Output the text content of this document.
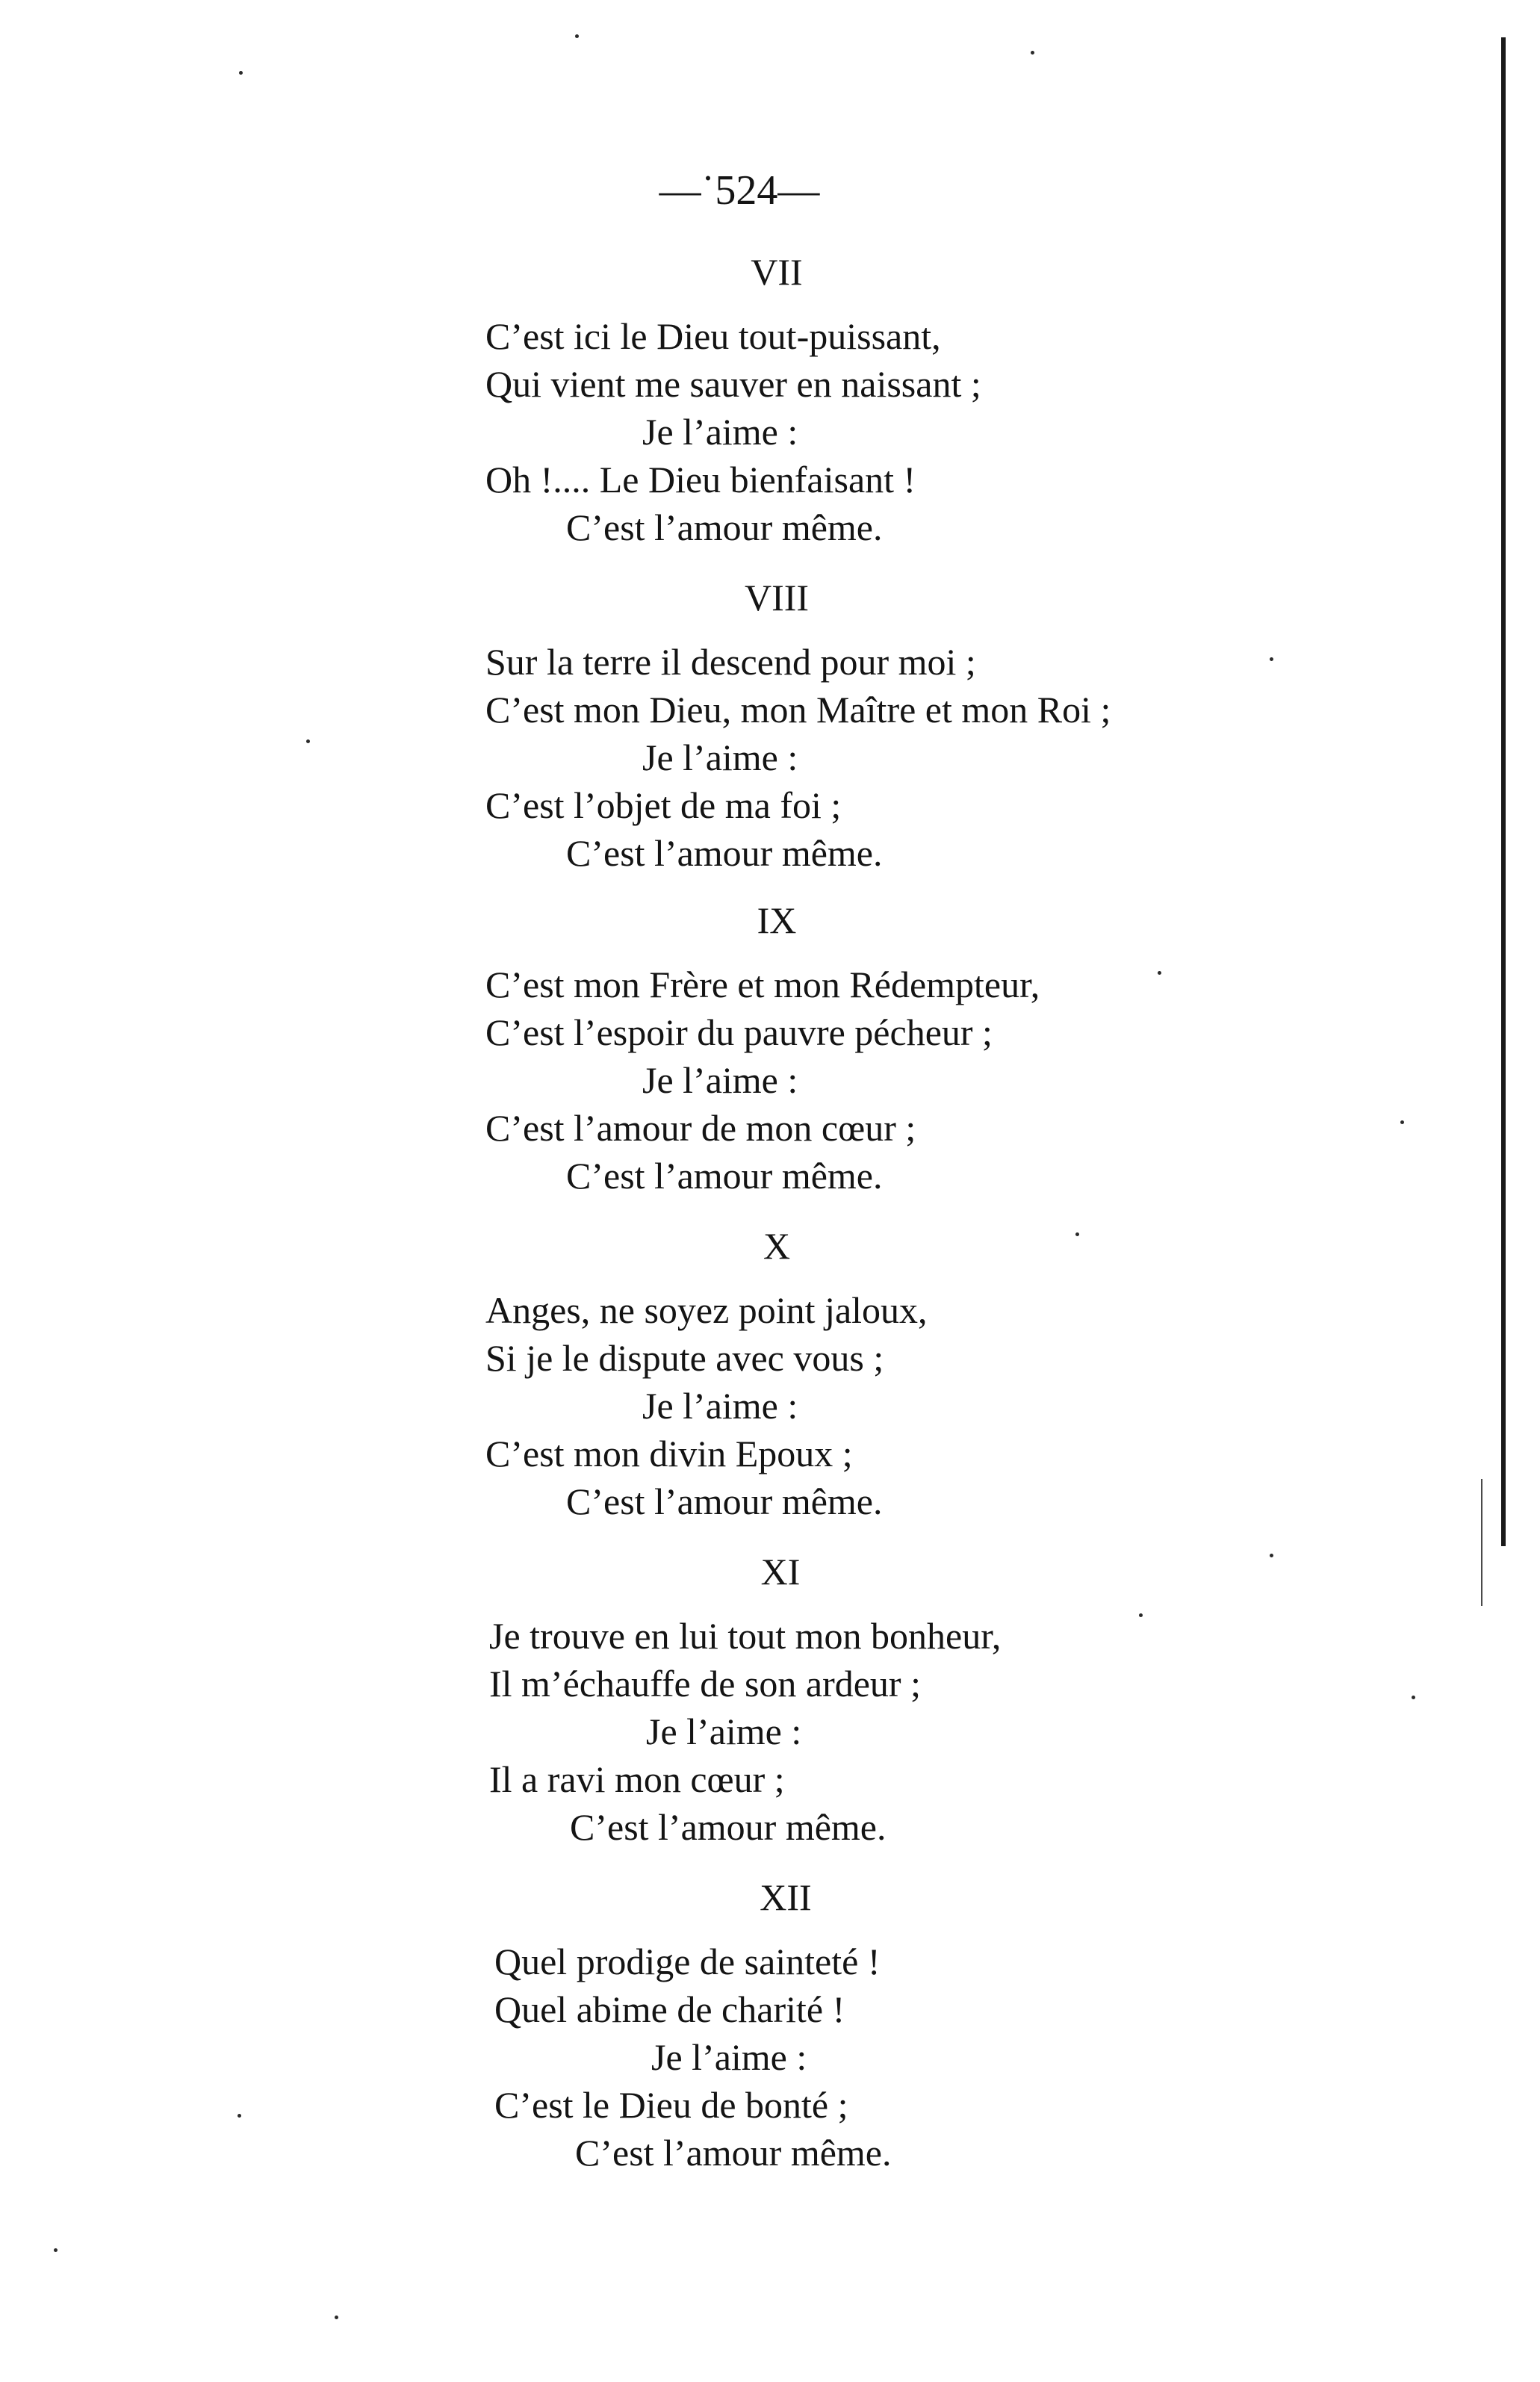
—˙524—
VII
C’est ici le Dieu tout-puissant,
Qui vient me sauver en naissant ;
Je l’aime :
Oh !.... Le Dieu bienfaisant !
C’est l’amour même.
VIII
Sur la terre il descend pour moi ;
C’est mon Dieu, mon Maître et mon Roi ;
Je l’aime :
C’est l’objet de ma foi ;
C’est l’amour même.
IX
C’est mon Frère et mon Rédempteur,
C’est l’espoir du pauvre pécheur ;
Je l’aime :
C’est l’amour de mon cœur ;
C’est l’amour même.
X
Anges, ne soyez point jaloux,
Si je le dispute avec vous ;
Je l’aime :
C’est mon divin Epoux ;
C’est l’amour même.
XI
Je trouve en lui tout mon bonheur,
Il m’échauffe de son ardeur ;
Je l’aime :
Il a ravi mon cœur ;
C’est l’amour même.
XII
Quel prodige de sainteté !
Quel abime de charité !
Je l’aime :
C’est le Dieu de bonté ;
C’est l’amour même.
